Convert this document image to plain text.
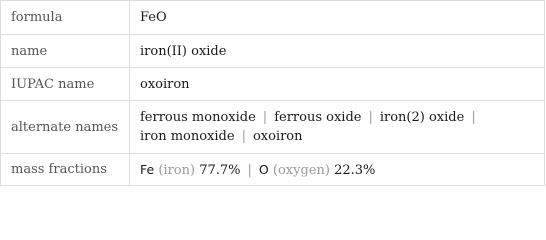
formula	FeO
name	iron(II) oxide
IUPAC name	oxoiron
alternate names	ferrous monoxide | ferrous oxide | iron(2) oxide |
iron monoxide | oxoiron

mass fractions	Fe (iron) 77.7% | O (oxygen) 22.3%
